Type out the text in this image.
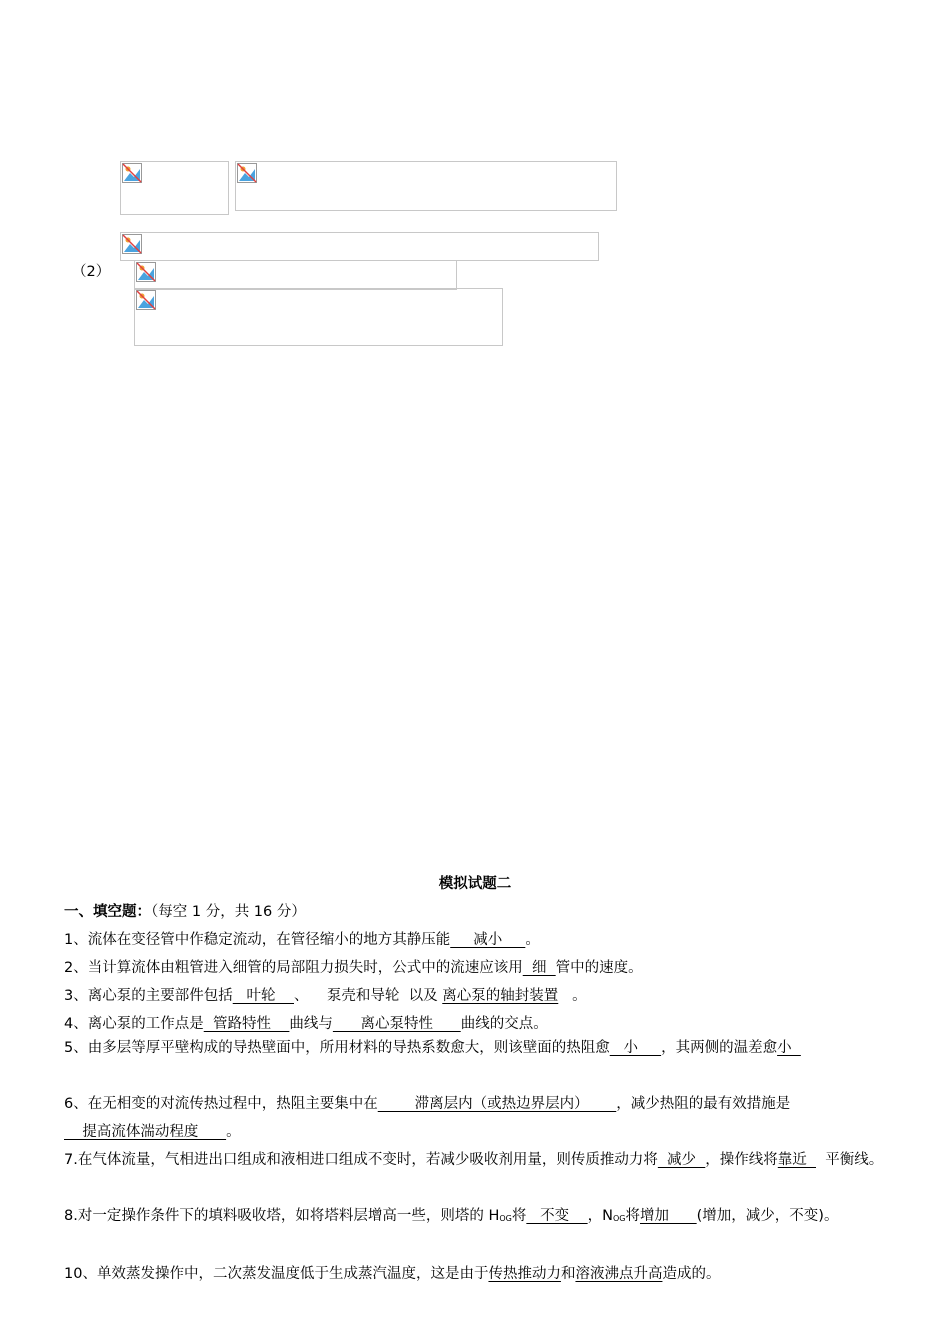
（2）
模拟试题二
一、填空题：（每空 1 分，共 16 分）
1、流体在变径管中作稳定流动，在管径缩小的地方其静压能     减小     。
2、当计算流体由粗管进入细管的局部阻力损失时，公式中的流速应该用  细  管中的速度。
3、离心泵的主要部件包括   叶轮    、    泵壳和导轮  以及 离心泵的轴封装置   。
4、离心泵的工作点是  管路特性    曲线与      离心泵特性      曲线的交点。
5、由多层等厚平壁构成的导热壁面中，所用材料的导热系数愈大，则该壁面的热阻愈   小     ，其两侧的温差愈小
6、在无相变的对流传热过程中，热阻主要集中在        滞离层内（或热边界层内）      ，减少热阻的最有效措施是    提高流体湍动程度      。
7.在气体流量，气相进出口组成和液相进口组成不变时，若减少吸收剂用量，则传质推动力将  减少  ，操作线将靠近    平衡线。
8.对一定操作条件下的填料吸收塔，如将塔料层增高一些，则塔的 $H_{OG}$将   不变    ，$N_{OG}$将增加      (增加，减少，不变)。
10、单效蒸发操作中，二次蒸发温度低于生成蒸汽温度，这是由于传热推动力和溶液沸点升高造成的。
